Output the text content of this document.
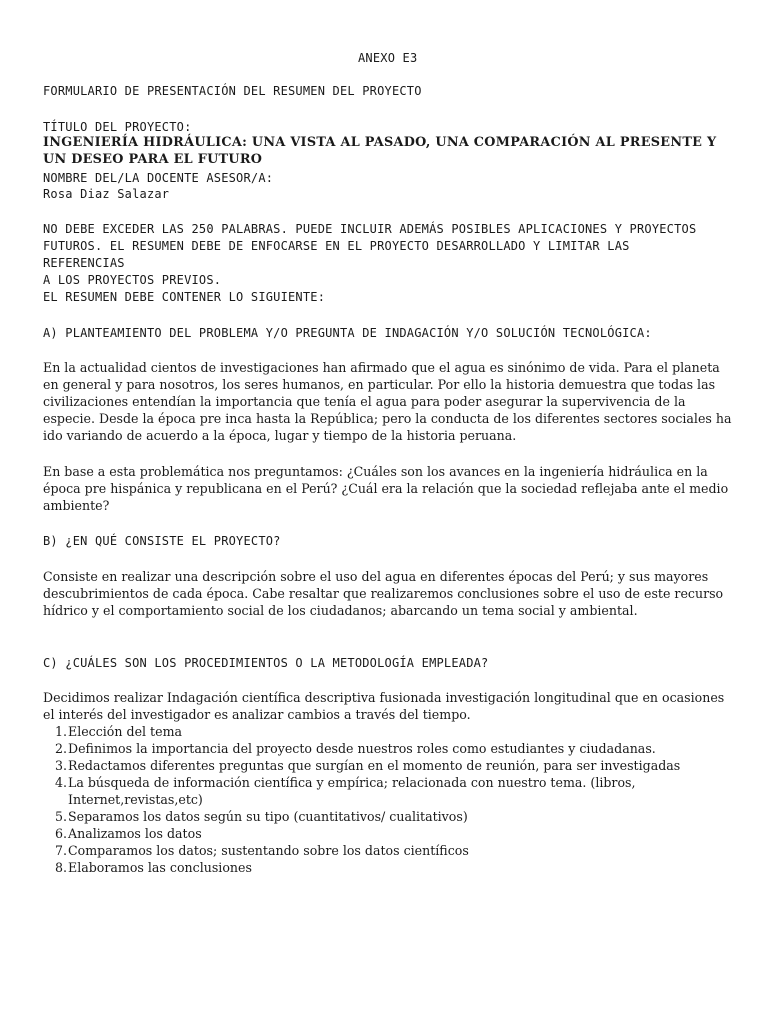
ANEXO E3
FORMULARIO DE PRESENTACIÓN DEL RESUMEN DEL PROYECTO
TÍTULO DEL PROYECTO:
INGENIERÍA HIDRÁULICA: UNA VISTA AL PASADO, UNA COMPARACIÓN AL PRESENTE Y UN DESEO PARA EL FUTURO
NOMBRE DEL/LA DOCENTE ASESOR/A:
Rosa Diaz Salazar
NO DEBE EXCEDER LAS 250 PALABRAS. PUEDE INCLUIR ADEMÁS POSIBLES APLICACIONES Y PROYECTOS
FUTUROS. EL RESUMEN DEBE DE ENFOCARSE EN EL PROYECTO DESARROLLADO Y LIMITAR LAS
REFERENCIAS
A LOS PROYECTOS PREVIOS.
EL RESUMEN DEBE CONTENER LO SIGUIENTE:
A) PLANTEAMIENTO DEL PROBLEMA Y/O PREGUNTA DE INDAGACIÓN Y/O SOLUCIÓN TECNOLÓGICA:
En la actualidad cientos de investigaciones han afirmado que el agua es sinónimo de vida. Para el planeta en general y para nosotros, los seres humanos, en particular. Por ello la historia demuestra que todas las civilizaciones entendían la importancia que tenía el agua para poder asegurar la supervivencia de la especie. Desde la época pre inca hasta la República; pero la conducta de los diferentes sectores sociales ha ido variando de acuerdo a la época, lugar y tiempo de la historia peruana.
En base a esta problemática nos preguntamos: ¿Cuáles son los avances en la ingeniería hidráulica en la época pre hispánica y republicana en el Perú? ¿Cuál era la relación que la sociedad reflejaba ante el medio ambiente?
B) ¿EN QUÉ CONSISTE EL PROYECTO?
Consiste en realizar una descripción sobre el uso del agua en diferentes épocas del Perú; y sus mayores descubrimientos de cada época. Cabe resaltar que realizaremos conclusiones sobre el uso de este recurso hídrico y el comportamiento social de los ciudadanos; abarcando un tema social y ambiental.
C) ¿CUÁLES SON LOS PROCEDIMIENTOS O LA METODOLOGÍA EMPLEADA?
Decidimos realizar Indagación científica descriptiva fusionada investigación longitudinal que en ocasiones el interés del investigador es analizar cambios a través del tiempo.
1. Elección del tema
2. Definimos la importancia del proyecto desde nuestros roles como estudiantes y ciudadanas.
3. Redactamos diferentes preguntas que surgían en el momento de reunión, para ser investigadas
4. La búsqueda de información científica y empírica; relacionada con nuestro tema. (libros, Internet,revistas,etc)
5. Separamos los datos según su tipo (cuantitativos/ cualitativos)
6. Analizamos los datos
7. Comparamos los datos; sustentando sobre los datos científicos
8. Elaboramos las conclusiones
